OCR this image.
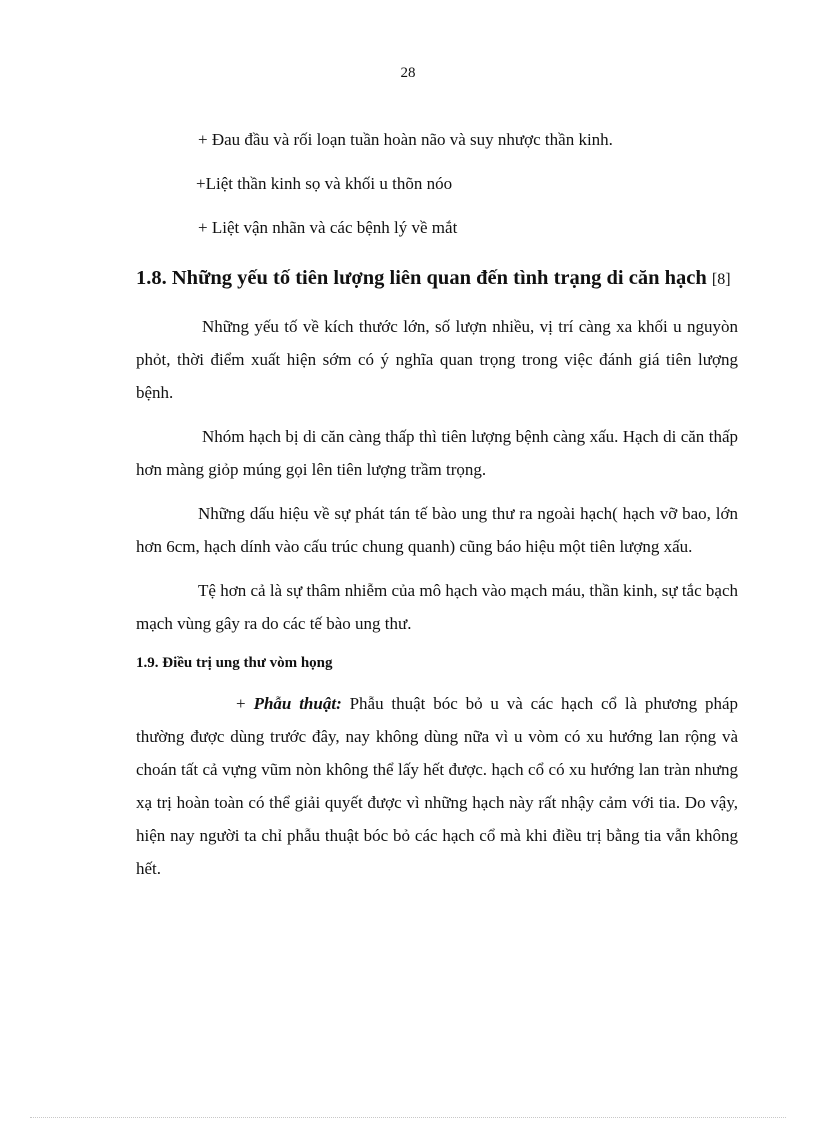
28

+ Đau đầu và rối loạn tuần hoàn não và suy nhược thần kinh.

+Liệt thần kinh sọ và khối u thõn nóo

+ Liệt vận nhãn và các bệnh lý về mắt

1.8. Những yếu tố tiên lượng liên quan đến tình trạng di căn hạch [8]

Những yếu tố về kích thước lớn, số lượn nhiều, vị trí càng xa khối u nguyòn phỏt, thời điểm xuất hiện sớm có ý nghĩa quan trọng trong việc đánh giá tiên lượng bệnh.

Nhóm hạch bị di căn càng thấp thì tiên lượng bệnh càng xấu. Hạch di căn thấp hơn màng giỏp múng gọi lên tiên lượng trầm trọng.

Những dấu hiệu về sự phát tán tế bào ung thư ra ngoài hạch( hạch vỡ bao, lớn hơn 6cm, hạch dính vào cấu trúc chung quanh) cũng báo hiệu một tiên lượng xấu.

Tệ hơn cả là sự thâm nhiễm của mô hạch vào mạch máu, thần kinh, sự tắc bạch mạch vùng gây ra do các tế bào ung thư.

1.9. Điều trị ung thư vòm họng

+ Phẫu thuật: Phẫu thuật bóc bỏ u và các hạch cổ là phương pháp thường được dùng trước đây, nay không dùng nữa vì u vòm có xu hướng lan rộng và choán tất cả vựng vũm nòn không thể lấy hết được. hạch cổ có xu hướng lan tràn nhưng xạ trị hoàn toàn có thể giải quyết được vì những hạch này rất nhậy cảm với tia. Do vậy, hiện nay người ta chỉ phẫu thuật bóc bỏ các hạch cổ mà khi điều trị bằng tia vẫn không hết.
